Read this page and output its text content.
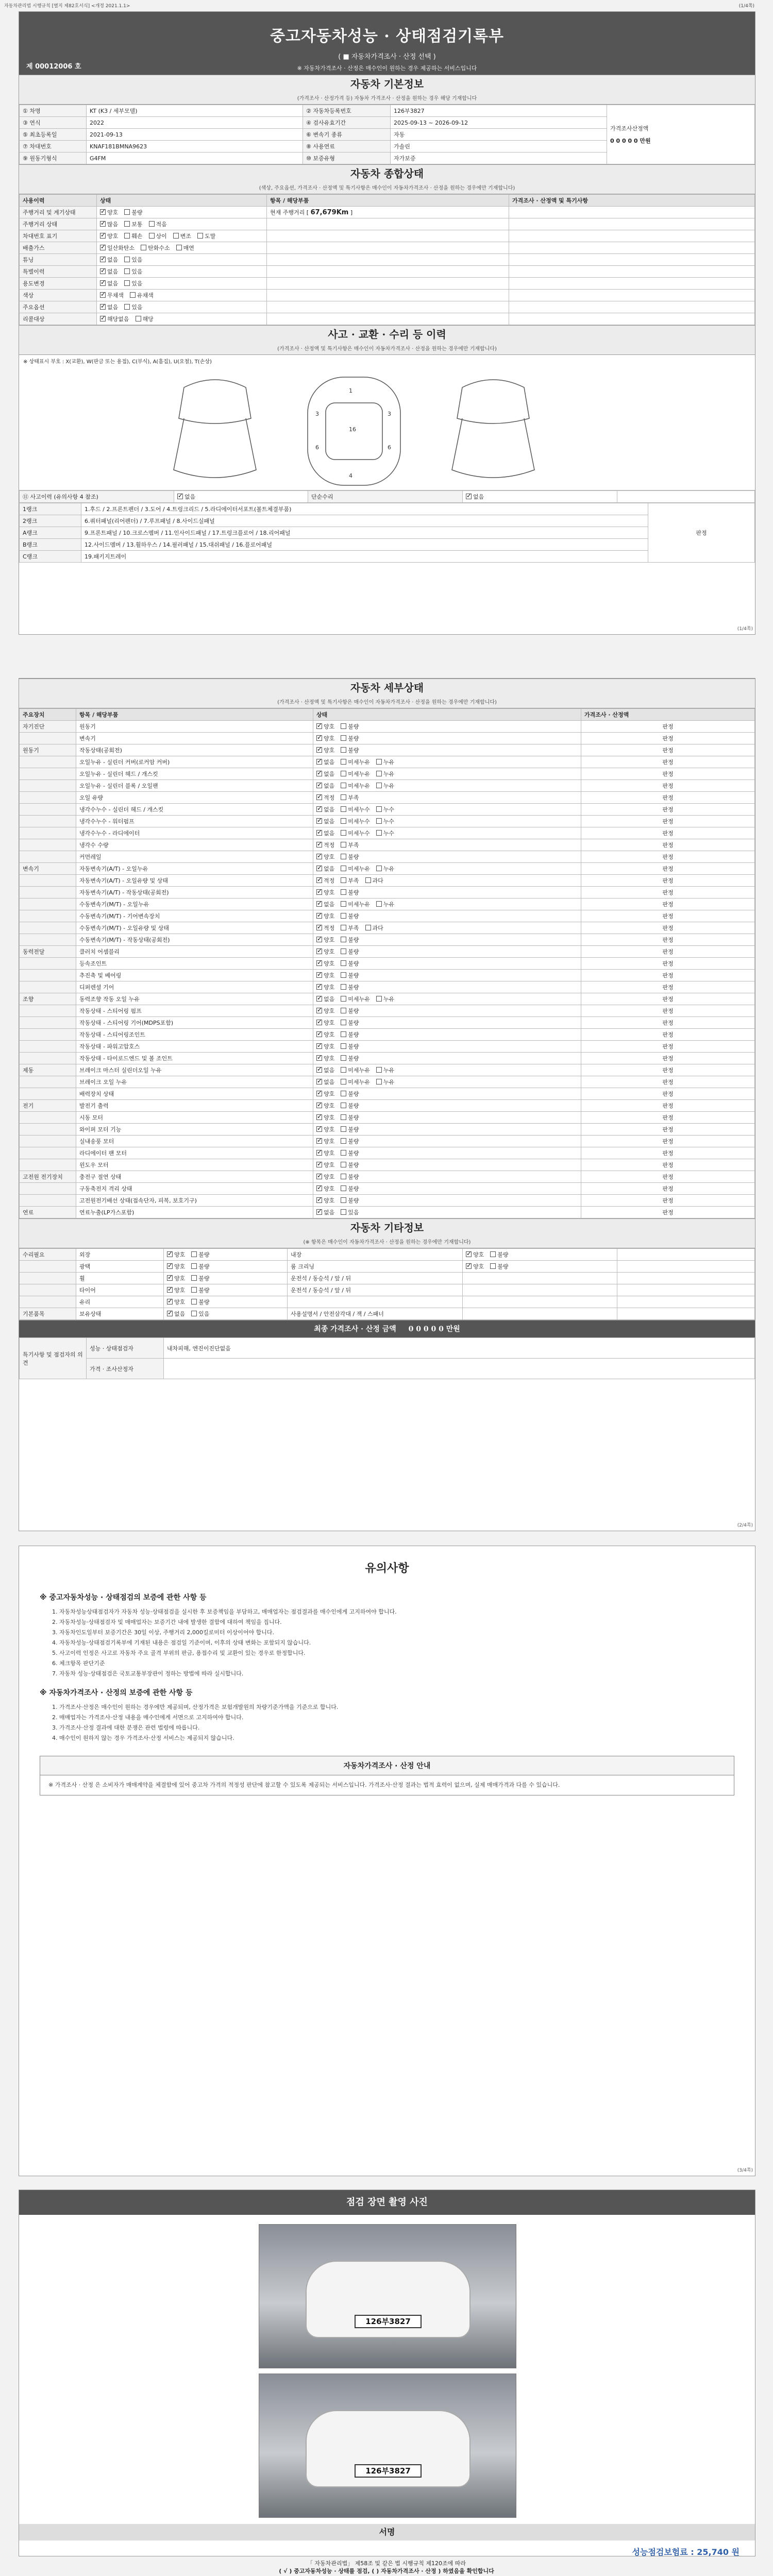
자동차관리법 시행규칙 [별지 제82호서식] <개정 2021.1.1>	(1/4쪽)
중고자동차성능 · 상태점검기록부
( ■ 자동차가격조사 · 산정 선택 )
※ 자동차가격조사 · 산정은 매수인이 원하는 경우 제공하는 서비스입니다
제 00012006 호
자동차 기본정보
(가격조사 · 산정가격 등) 자동차 가격조사 · 산정을 원하는 경우 해당 기재합니다
① 차명	KT (K3 / 세부모델)	② 자동차등록번호	126부3827	가격조사산정액
0 0 0 0 0 만원

③ 연식	2022	④ 검사유효기간	2025-09-13 ~ 2026-09-12	
⑤ 최초등록일	2021-09-13	⑥ 변속기 종류	자동	
⑦ 차대번호	KNAF181BMNA9623	⑧ 사용연료	가솔린	
⑨ 원동기형식	G4FM	⑩ 보증유형	자가보증	
자동차 종합상태
(색상, 주요옵션, 가격조사 · 산정액 및 특기사항은 매수인이 자동차가격조사 · 산정을 원하는 경우에만 기재합니다)
사용이력	상태	항목 / 해당부품	가격조사 · 산정액 및 특기사항
주행거리 및 계기상태	✓양호 불량	현재 주행거리 [ 67,679Km ]	
주행거리 상태	✓많음 보통 적음		
차대번호 표기	✓양호 훼손 상이 변조 도말		
배출가스	✓일산화탄소 탄화수소 매연		
튜닝	✓없음 있음		
특별이력	✓없음 있음		
용도변경	✓없음 있음		
색상	✓무채색 유채색		
주요옵션	✓없음 있음		
리콜대상	✓해당없음 해당		
사고 · 교환 · 수리 등 이력
(가격조사 · 산정액 및 특기사항은 매수인이 자동차가격조사 · 산정을 원하는 경우에만 기재합니다)
※ 상태표시 부호 : X(교환), W(판금 또는 용접), C(부식), A(흠집), U(요철), T(손상)
16
1
4
3	3
6	6
⑪ 사고이력 (유의사항 4 참조)	✓없음	단순수리	✓없음	
1랭크	1.후드 / 2.프론트펜더 / 3.도어 / 4.트렁크리드 / 5.라디에이터서포트(볼트체결부품)	판정
2랭크	6.쿼터패널(리어펜더) / 7.루프패널 / 8.사이드실패널	
A랭크	9.프론트패널 / 10.크로스멤버 / 11.인사이드패널 / 17.트렁크플로어 / 18.리어패널	
B랭크	12.사이드멤버 / 13.휠하우스 / 14.필러패널 / 15.대쉬패널 / 16.플로어패널	
C랭크	19.패키지트레이	
(1/4쪽)
자동차 세부상태
(가격조사 · 산정액 및 특기사항은 매수인이 자동차가격조사 · 산정을 원하는 경우에만 기재합니다)
주요장치	항목 / 해당부품	상태	가격조사 · 산정액
자기진단	원동기	✓양호 불량	판정
	변속기	✓양호 불량	판정
원동기	작동상태(공회전)	✓양호 불량	판정
	오일누유 - 실린더 커버(로커암 커버)	✓없음 미세누유 누유	판정
	오일누유 - 실린더 헤드 / 개스킷	✓없음 미세누유 누유	판정
	오일누유 - 실린더 블록 / 오일팬	✓없음 미세누유 누유	판정
	오일 유량	✓적정 부족	판정
	냉각수누수 - 실린더 헤드 / 개스킷	✓없음 미세누수 누수	판정
	냉각수누수 - 워터펌프	✓없음 미세누수 누수	판정
	냉각수누수 - 라디에이터	✓없음 미세누수 누수	판정
	냉각수 수량	✓적정 부족	판정
	커먼레일	✓양호 불량	판정
변속기	자동변속기(A/T) - 오일누유	✓없음 미세누유 누유	판정
	자동변속기(A/T) - 오일유량 및 상태	✓적정 부족 과다	판정
	자동변속기(A/T) - 작동상태(공회전)	✓양호 불량	판정
	수동변속기(M/T) - 오일누유	✓없음 미세누유 누유	판정
	수동변속기(M/T) - 기어변속장치	✓양호 불량	판정
	수동변속기(M/T) - 오일유량 및 상태	✓적정 부족 과다	판정
	수동변속기(M/T) - 작동상태(공회전)	✓양호 불량	판정
동력전달	클러치 어셈블리	✓양호 불량	판정
	등속조인트	✓양호 불량	판정
	추진축 및 베어링	✓양호 불량	판정
	디퍼렌셜 기어	✓양호 불량	판정
조향	동력조향 작동 오일 누유	✓없음 미세누유 누유	판정
	작동상태 - 스티어링 펌프	✓양호 불량	판정
	작동상태 - 스티어링 기어(MDPS포함)	✓양호 불량	판정
	작동상태 - 스티어링조인트	✓양호 불량	판정
	작동상태 - 파워고압호스	✓양호 불량	판정
	작동상태 - 타이로드엔드 및 볼 조인트	✓양호 불량	판정
제동	브레이크 마스터 실린더오일 누유	✓없음 미세누유 누유	판정
	브레이크 오일 누유	✓없음 미세누유 누유	판정
	배력장치 상태	✓양호 불량	판정
전기	발전기 출력	✓양호 불량	판정
	시동 모터	✓양호 불량	판정
	와이퍼 모터 기능	✓양호 불량	판정
	실내송풍 모터	✓양호 불량	판정
	라디에이터 팬 모터	✓양호 불량	판정
	윈도우 모터	✓양호 불량	판정
고전원 전기장치	충전구 절연 상태	✓양호 불량	판정
	구동축전지 격리 상태	✓양호 불량	판정
	고전원전기배선 상태(접속단자, 피복, 보호기구)	✓양호 불량	판정
연료	연료누출(LP가스포함)	✓없음 있음	판정
자동차 기타정보
(※ 항목은 매수인이 자동차가격조사 · 산정을 원하는 경우에만 기재합니다)
수리필요	외장	✓양호 불량	내장	✓양호 불량	
	광택	✓양호 불량	룸 크리닝	✓양호 불량	
	휠	✓양호 불량	운전석 / 동승석 / 앞 / 뒤		
	타이어	✓양호 불량	운전석 / 동승석 / 앞 / 뒤		
	유리	✓양호 불량			
기본품목	보유상태	✓없음 있음	사용설명서 / 안전삼각대 / 잭 / 스패너		
최종 가격조사 · 산정 금액 0 0 0 0 0 만원
특기사항 및 점검자의 의견	성능 · 상태점검자	내차피해, 엔진이진단없음
	가격 · 조사산정자	
(2/4쪽)
유의사항
※ 중고자동차성능 · 상태점검의 보증에 관한 사항 등
1. 자동차성능상태점검자가 자동차 성능·상태점검을 실시한 후 보증책임을 부담하고, 매매업자는 점검결과를 매수인에게 고지하여야 합니다.
2. 자동차성능·상태점검자 및 매매업자는 보증기간 내에 발생한 결함에 대하여 책임을 집니다.
3. 자동차인도일부터 보증기간은 30일 이상, 주행거리 2,000킬로미터 이상이어야 합니다.
4. 자동차성능·상태점검기록부에 기재된 내용은 점검일 기준이며, 이후의 상태 변화는 포함되지 않습니다.
5. 사고이력 인정은 사고로 자동차 주요 골격 부위의 판금, 용접수리 및 교환이 있는 경우로 한정합니다.
6. 체크항목 판단기준
7. 자동차 성능·상태점검은 국토교통부장관이 정하는 방법에 따라 실시합니다.
※ 자동차가격조사 · 산정의 보증에 관한 사항 등
1. 가격조사·산정은 매수인이 원하는 경우에만 제공되며, 산정가격은 보험개발원의 차량기준가액을 기준으로 합니다.
2. 매매업자는 가격조사·산정 내용을 매수인에게 서면으로 고지하여야 합니다.
3. 가격조사·산정 결과에 대한 분쟁은 관련 법령에 따릅니다.
4. 매수인이 원하지 않는 경우 가격조사·산정 서비스는 제공되지 않습니다.
자동차가격조사 · 산정 안내
※ 가격조사 · 산정 은 소비자가 매매계약을 체결함에 있어 중고차 가격의 적정성 판단에 참고할 수 있도록 제공되는 서비스입니다. 가격조사·산정 결과는 법적 효력이 없으며, 실제 매매가격과 다를 수 있습니다.
(3/4쪽)
점검 장면 촬영 사진
126부3827
126부3827
서명
성능점검보험료 : 25,740 원
「 자동차관리법」 제58조 및 같은 법 시행규칙 제120조에 따라
( √ ) 중고자동차성능 · 상태를 점검, ( ) 자동차가격조사 · 산정 ) 하였음을 확인합니다
